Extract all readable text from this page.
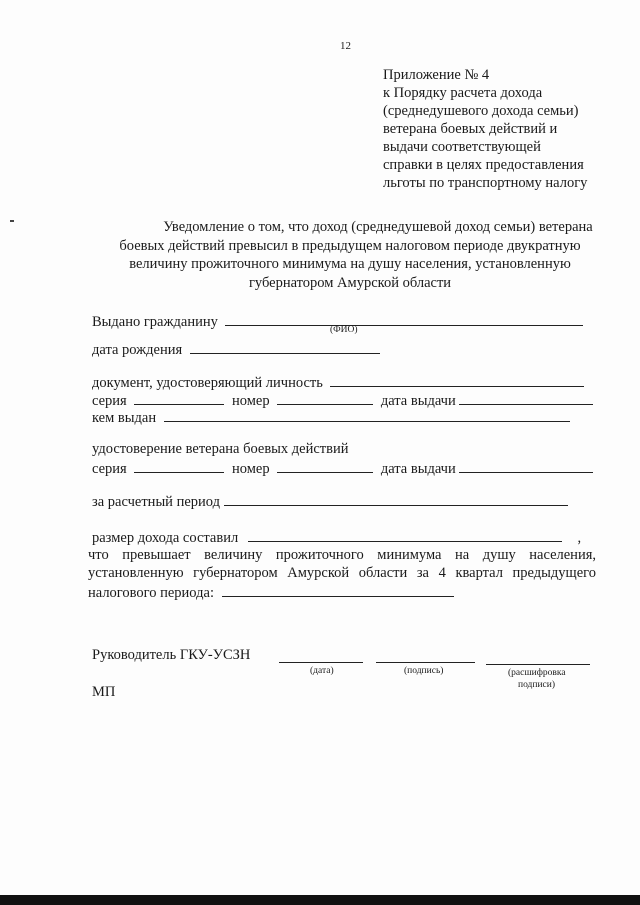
12
Приложение № 4
к Порядку расчета дохода
(среднедушевого дохода семьи)
ветерана боевых действий и
выдачи соответствующей
справки в целях предоставления
льготы по транспортному налогу
Уведомление о том, что доход (среднедушевой доход семьи) ветерана
боевых действий превысил в предыдущем налоговом периоде двукратную
величину прожиточного минимума на душу населения, установленную
губернатором Амурской области
Выдано гражданину	(ФИО)
дата рождения
документ, удостоверяющий личность
серия	номер	дата выдачи
кем выдан
удостоверение ветерана боевых действий
серия	номер	дата выдачи
за расчетный период
размер дохода составил	,
что превышает величину прожиточного минимума на душу населения,
установленную губернатором Амурской области за 4 квартал предыдущего
налогового периода:
Руководитель ГКУ-УСЗН
(дата)	(подпись)	(расшифровка
подписи)
МП
